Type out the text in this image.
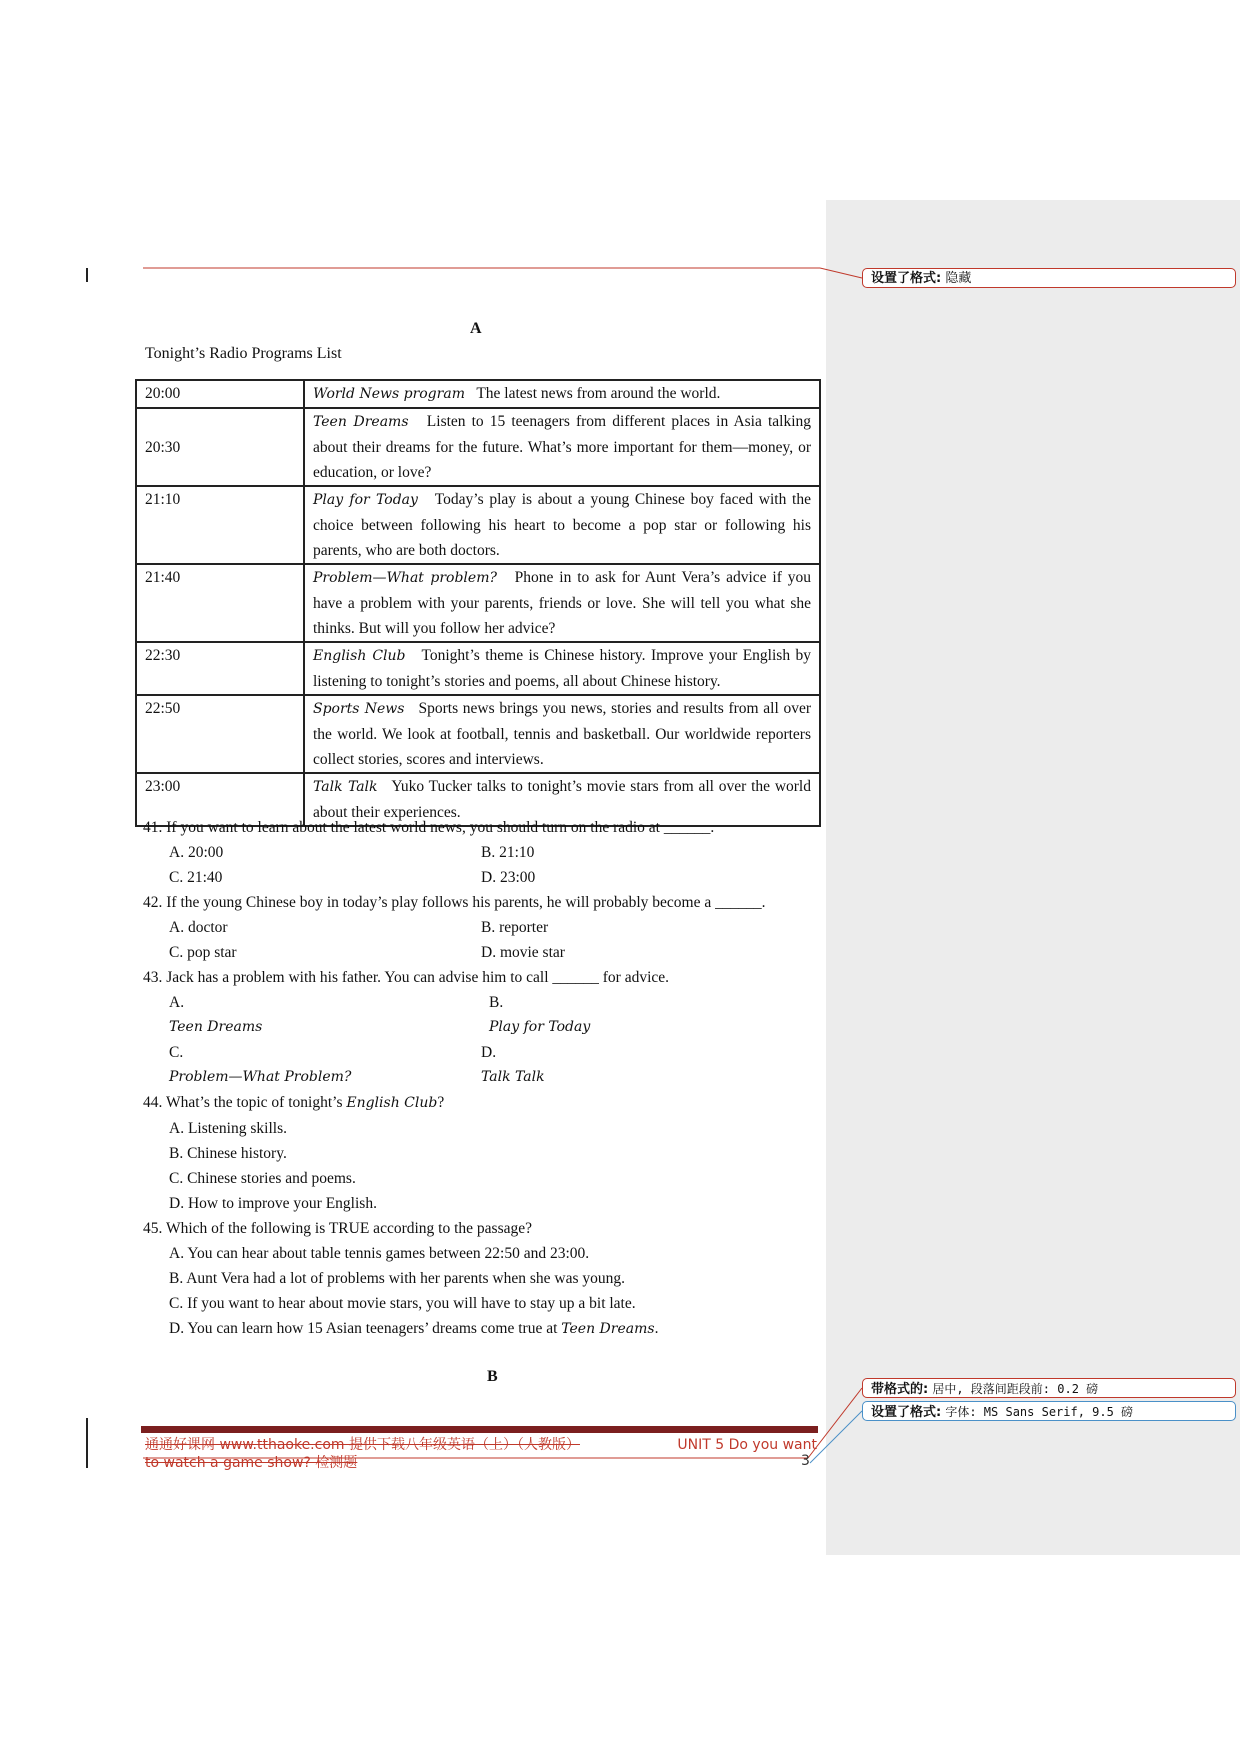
设置了格式: 隐藏
带格式的: 居中, 段落间距段前: 0.2 磅
设置了格式: 字体: MS Sans Serif, 9.5 磅
A
Tonight’s Radio Programs List
20:00	World News program The latest news from around the world.
20:30	Teen Dreams Listen to 15 teenagers from different places in Asia talking about their dreams for the future. What’s more important for them—money, or education, or love?
21:10	Play for Today Today’s play is about a young Chinese boy faced with the choice between following his heart to become a pop star or following his parents, who are both doctors.
21:40	Problem—What problem? Phone in to ask for Aunt Vera’s advice if you have a problem with your parents, friends or love. She will tell you what she thinks. But will you follow her advice?
22:30	English Club Tonight’s theme is Chinese history. Improve your English by listening to tonight’s stories and poems, all about Chinese history.
22:50	Sports News Sports news brings you news, stories and results from all over the world. We look at football, tennis and basketball. Our worldwide reporters collect stories, scores and interviews.
23:00	Talk Talk Yuko Tucker talks to tonight’s movie stars from all over the world about their experiences.
41. If you want to learn about the latest world news, you should turn on the radio at ______.
A. 20:00	B. 21:10
C. 21:40	D. 23:00
42. If the young Chinese boy in today’s play follows his parents, he will probably become a ______.
A. doctor	B. reporter
C. pop star	D. movie star
43. Jack has a problem with his father. You can advise him to call ______ for advice.
A.
Teen Dreams
B.
Play for Today
C.
Problem—What Problem?
D.
Talk Talk
44. What’s the topic of tonight’s English Club?
A. Listening skills.
B. Chinese history.
C. Chinese stories and poems.
D. How to improve your English.
45. Which of the following is TRUE according to the passage?
A. You can hear about table tennis games between 22:50 and 23:00.
B. Aunt Vera had a lot of problems with her parents when she was young.
C. If you want to hear about movie stars, you will have to stay up a bit late.
D. You can learn how 15 Asian teenagers’ dreams come true at Teen Dreams.
B
通通好课网 www.tthaoke.com 提供下载八年级英语（上）（人教版）	UNIT 5 Do you want
to watch a game show? 检测题	3
